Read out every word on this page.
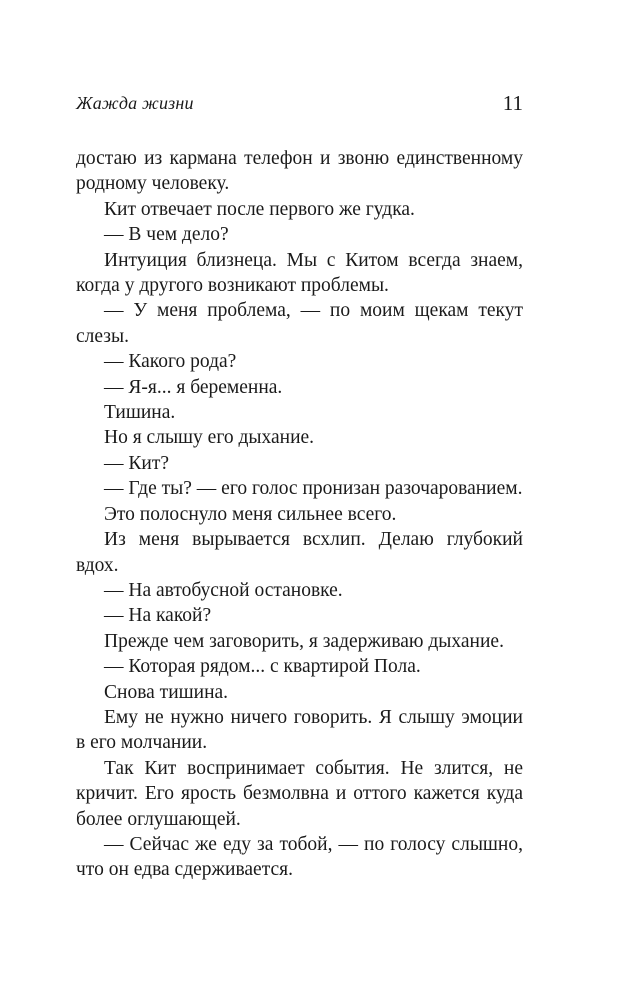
Жажда жизни	11

достаю из кармана телефон и звоню единственному родному человеку.

Кит отвечает после первого же гудка.

— В чем дело?

Интуиция близнеца. Мы с Китом всегда знаем, когда у другого возникают проблемы.

— У меня проблема, — по моим щекам текут слезы.

— Какого рода?

— Я-я... я беременна.

Тишина.

Но я слышу его дыхание.

— Кит?

— Где ты? — его голос пронизан разочарованием.

Это полоснуло меня сильнее всего.

Из меня вырывается всхлип. Делаю глубокий вдох.

— На автобусной остановке.

— На какой?

Прежде чем заговорить, я задерживаю дыхание.

— Которая рядом... с квартирой Пола.

Снова тишина.

Ему не нужно ничего говорить. Я слышу эмоции в его молчании.

Так Кит воспринимает события. Не злится, не кричит. Его ярость безмолвна и оттого кажется куда более оглушающей.

— Сейчас же еду за тобой, — по голосу слышно, что он едва сдерживается.
